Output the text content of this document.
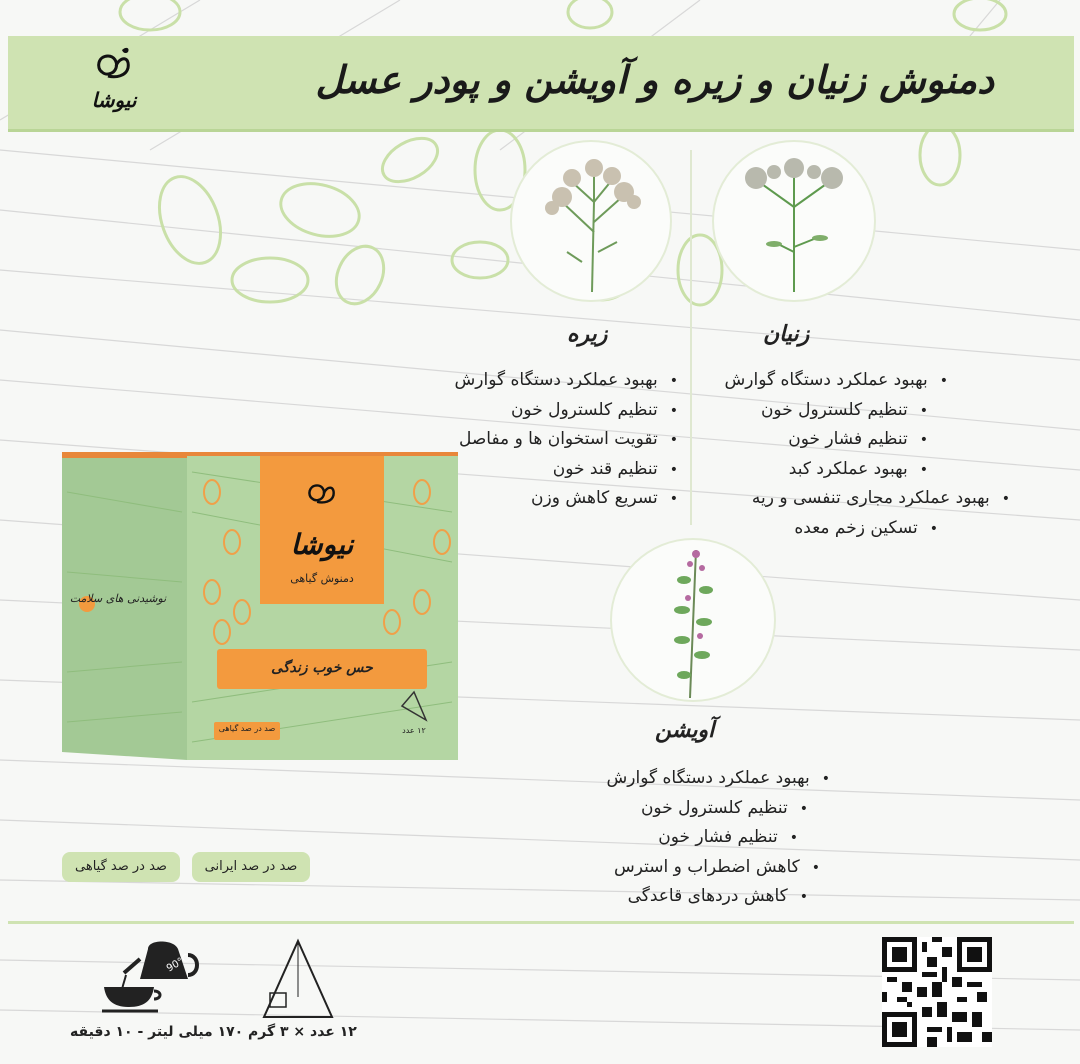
نیوشا	دمنوش زنیان و زیره و آویشن و پودر عسل
زیره	زنیان
آویشن
• بهبود عملکرد دستگاه گوارش
• تنظیم کلسترول خون
• تقویت استخوان ها و مفاصل
• تنظیم قند خون
• تسریع کاهش وزن
• بهبود عملکرد دستگاه گوارش
• تنظیم کلسترول خون
• تنظیم فشار خون
• بهبود عملکرد کبد
• بهبود عملکرد مجاری تنفسی و ریه
• تسکین زخم معده
• بهبود عملکرد دستگاه گوارش
• تنظیم کلسترول خون
• تنظیم فشار خون
• کاهش اضطراب و استرس
• کاهش دردهای قاعدگی
نیوشا
دمنوش گیاهی
حس خوب زندگی
نوشیدنی های سلامت
صد در صد گیاهی	۱۲ عدد
صد در صد ایرانی
صد در صد گیاهی
90°C
۱۷۰ میلی لیتر - ۱۰ دقیقه ۱۲ عدد × ۳ گرم
